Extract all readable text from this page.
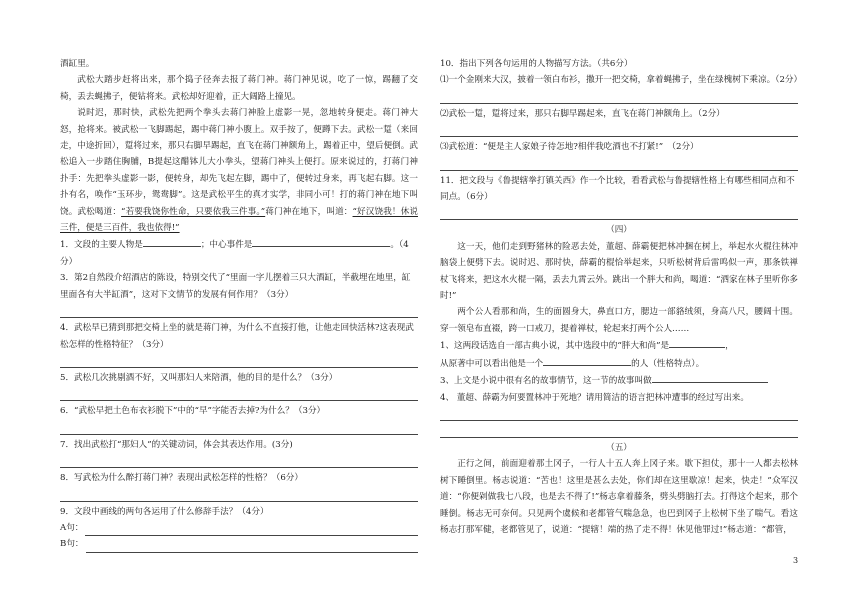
酒缸里。

武松大踏步赶将出来，那个捣子径奔去报了蒋门神。蒋门神见说，吃了一惊，踢翻了交椅，丢去蝇拂子，便钻将来。武松却好迎着，正大阔路上撞见。

说时迟，那时快，武松先把两个拳头去蒋门神脸上虚影一晃，忽地转身便走。蒋门神大怒，抢将来。被武松一飞脚踢起，踢中蒋门神小腹上。双手按了，便蹲下去。武松一踅（来回走，中途折回），踅将过来，那只右脚早踢起，直飞在蒋门神额角上，踢着正中，望后便倒。武松追入一步踏住胸脯，B提起这醋钵儿大小拳头，望蒋门神头上便打。原来说过的，打蒋门神扑手：先把拳头虚影一影，便转身，却先飞起左脚，踢中了，便转过身来，再飞起右脚。这一扑有名，唤作“玉环步，鸳鸯脚”。这是武松平生的真才实学，非同小可！打的蒋门神在地下叫饶。武松喝道：“若要我饶你性命，只要依我三件事。”蒋门神在地下，叫道：“好汉饶我！休说三件，便是三百件，我也依得!”

1．文段的主要人物是	；中心事件是	。（4分）

3．第2自然段介绍酒店的陈设，特别交代了“里面一字儿摆着三只大酒缸，半截埋在地里，缸里面各有大半缸酒”，这对下文情节的发展有何作用？（3分）

4．武松早已猜到那把交椅上坐的就是蒋门神，为什么不直接打他，让他走回快活林?这表现武松怎样的性格特征？（3分）

5．武松几次挑剔酒不好，又叫那妇人来陪酒，他的目的是什么？（3分）

6．“武松早把土色布衣衫脱下”中的“早”字能否去掉?为什么？（3分）

7．找出武松打“那妇人”的关键动词，体会其表达作用。(3分)

8．写武松为什么醉打蒋门神？表现出武松怎样的性格？（6分）

9．文段中画线的两句各运用了什么修辞手法？（4分）

A句：
B句：

10．指出下列各句运用的人物描写方法。（共6分）

⑴一个金刚来大汉，披着一领白布衫，撒开一把交椅，拿着蝇拂子，坐在绿槐树下乘凉。（2分）

⑵武松一踅，踅将过来，那只右脚早踢起来，直飞在蒋门神额角上。（2分）

⑶武松道：“便是主人家娘子待怎地?相伴我吃酒也不打紧!”　（2分）

11．把文段与《鲁提辖拳打镇关西》作一个比较，看看武松与鲁提辖性格上有哪些相同点和不同点。（6分）

（四）

这一天，他们走到野猪林的险恶去处，董超、薛霸便把林冲捆在树上，举起水火棍往林冲脑袋上便劈下去。说时迟、那时快，薛霸的棍恰举起来，只听松树背后雷鸣似一声，那条铁禅杖飞将来，把这水火棍一隔，丢去九霄云外。跳出一个胖大和尚，喝道：“洒家在林子里听你多时!”

两个公人看那和尚，生的面圆身大，鼻直口方，腮边一部貉绒须，身高八尺，腰阔十围。穿一领皂布直裰，跨一口戒刀，提着禅杖，轮起来打两个公人……

1、这两段话选自一部古典小说，其中选段中的“胖大和尚”是	，

从原著中可以看出他是一个	的人（性格特点）。

3、上文是小说中很有名的故事情节，这一节的故事叫做

4、 董超、薛霸为何要置林冲于死地？请用简洁的语言把林冲遭事的经过写出来。

（五）

正行之间，前面迎着那土冈子，一行人十五人奔上冈子来。歇下担仗，那十一人都去松林树下睡倒里。杨志说道：“苦也！这里是甚么去处，你们却在这里歇凉！起来，快走！”众军汉道：“你便剁做我七八段，也是去不得了!”杨志拿着藤条，劈头劈脑打去。打得这个起来，那个睡倒。杨志无可奈何。只见两个虞候和老都管气喘急急，也巴到冈子上松树下坐了喘气。看这杨志打那军健，老都管见了，说道：“提辖！端的热了走不得！休见他罪过!”杨志道：“都管，

3
